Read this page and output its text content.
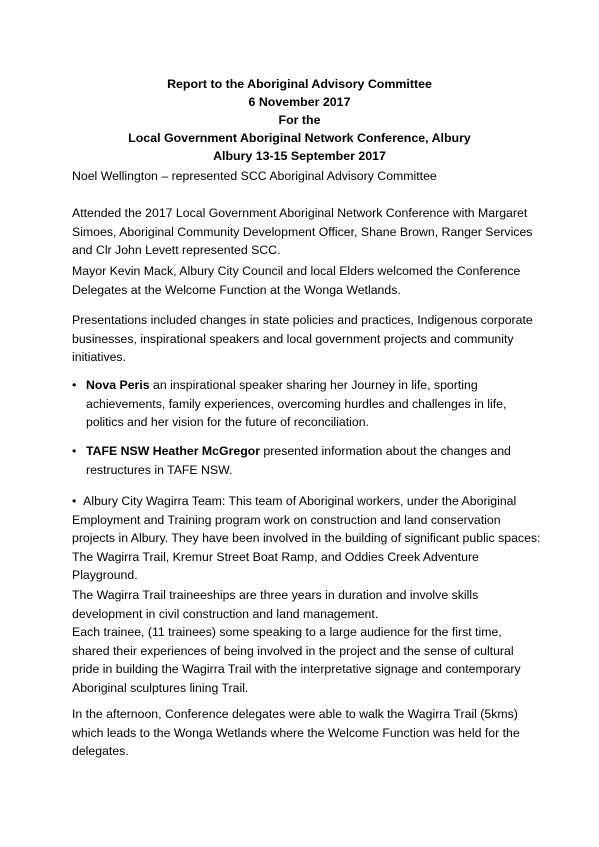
Report to the Aboriginal Advisory Committee
6 November 2017
For the
Local Government Aboriginal Network Conference, Albury
Albury 13-15 September 2017
Noel Wellington – represented SCC Aboriginal Advisory Committee
Attended the 2017 Local Government Aboriginal Network Conference with Margaret Simoes, Aboriginal Community Development Officer, Shane Brown, Ranger Services and Clr John Levett represented SCC.
Mayor Kevin Mack, Albury City Council and local Elders welcomed the Conference Delegates at the Welcome Function at the Wonga Wetlands.
Presentations included changes in state policies and practices, Indigenous corporate businesses, inspirational speakers and local government projects and community initiatives.
• Nova Peris an inspirational speaker sharing her Journey in life, sporting achievements, family experiences, overcoming hurdles and challenges in life, politics and her vision for the future of reconciliation.
• TAFE NSW Heather McGregor presented information about the changes and restructures in TAFE NSW.
• Albury City Wagirra Team: This team of Aboriginal workers, under the Aboriginal Employment and Training program work on construction and land conservation projects in Albury. They have been involved in the building of significant public spaces: The Wagirra Trail, Kremur Street Boat Ramp, and Oddies Creek Adventure Playground.
The Wagirra Trail traineeships are three years in duration and involve skills development in civil construction and land management.
Each trainee, (11 trainees) some speaking to a large audience for the first time, shared their experiences of being involved in the project and the sense of cultural pride in building the Wagirra Trail with the interpretative signage and contemporary Aboriginal sculptures lining Trail.
In the afternoon, Conference delegates were able to walk the Wagirra Trail (5kms) which leads to the Wonga Wetlands where the Welcome Function was held for the delegates.
